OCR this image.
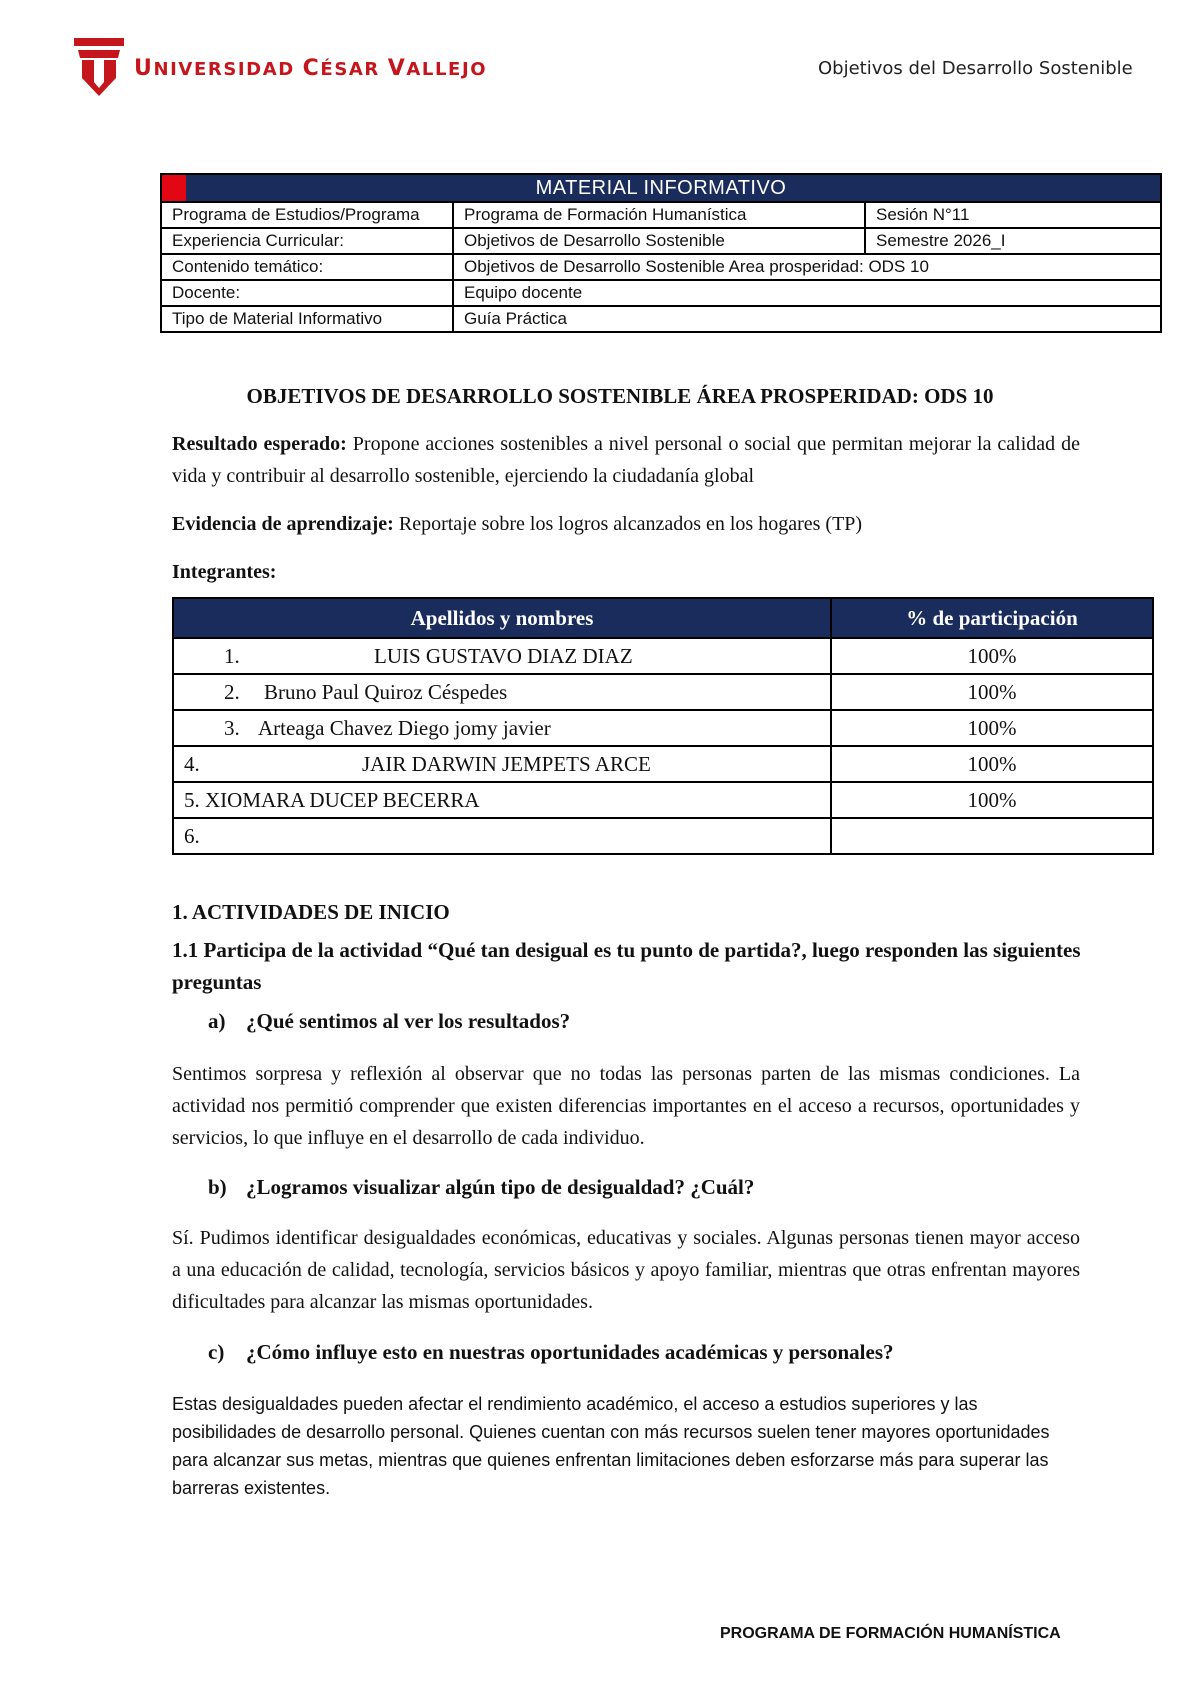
UNIVERSIDAD CÉSAR VALLEJO	Objetivos del Desarrollo Sostenible
MATERIAL INFORMATIVO		
Programa de Estudios/Programa	Programa de Formación Humanística	Sesión N°11
Experiencia Curricular:	Objetivos de Desarrollo Sostenible	Semestre 2026_I
Contenido temático:	Objetivos de Desarrollo Sostenible Area prosperidad: ODS 10	
Docente:	Equipo docente	
Tipo de Material Informativo	Guía Práctica	
OBJETIVOS DE DESARROLLO SOSTENIBLE ÁREA PROSPERIDAD: ODS 10
Resultado esperado: Propone acciones sostenibles a nivel personal o social que permitan mejorar la calidad de vida y contribuir al desarrollo sostenible, ejerciendo la ciudadanía global
Evidencia de aprendizaje: Reportaje sobre los logros alcanzados en los hogares (TP)
Integrantes:
Apellidos y nombres	% de participación
1. LUIS GUSTAVO DIAZ DIAZ	100%
2. Bruno Paul Quiroz Céspedes	100%
3. Arteaga Chavez Diego jomy javier	100%
4. JAIR DARWIN JEMPETS ARCE	100%
5. XIOMARA DUCEP BECERRA	100%
6.	
1. ACTIVIDADES DE INICIO
1.1 Participa de la actividad “Qué tan desigual es tu punto de partida?, luego responden las siguientes preguntas
a) ¿Qué sentimos al ver los resultados?
Sentimos sorpresa y reflexión al observar que no todas las personas parten de las mismas condiciones. La actividad nos permitió comprender que existen diferencias importantes en el acceso a recursos, oportunidades y servicios, lo que influye en el desarrollo de cada individuo.
b) ¿Logramos visualizar algún tipo de desigualdad? ¿Cuál?
Sí. Pudimos identificar desigualdades económicas, educativas y sociales. Algunas personas tienen mayor acceso a una educación de calidad, tecnología, servicios básicos y apoyo familiar, mientras que otras enfrentan mayores dificultades para alcanzar las mismas oportunidades.
c) ¿Cómo influye esto en nuestras oportunidades académicas y personales?
Estas desigualdades pueden afectar el rendimiento académico, el acceso a estudios superiores y las posibilidades de desarrollo personal. Quienes cuentan con más recursos suelen tener mayores oportunidades para alcanzar sus metas, mientras que quienes enfrentan limitaciones deben esforzarse más para superar las barreras existentes.
PROGRAMA DE FORMACIÓN HUMANÍSTICA
